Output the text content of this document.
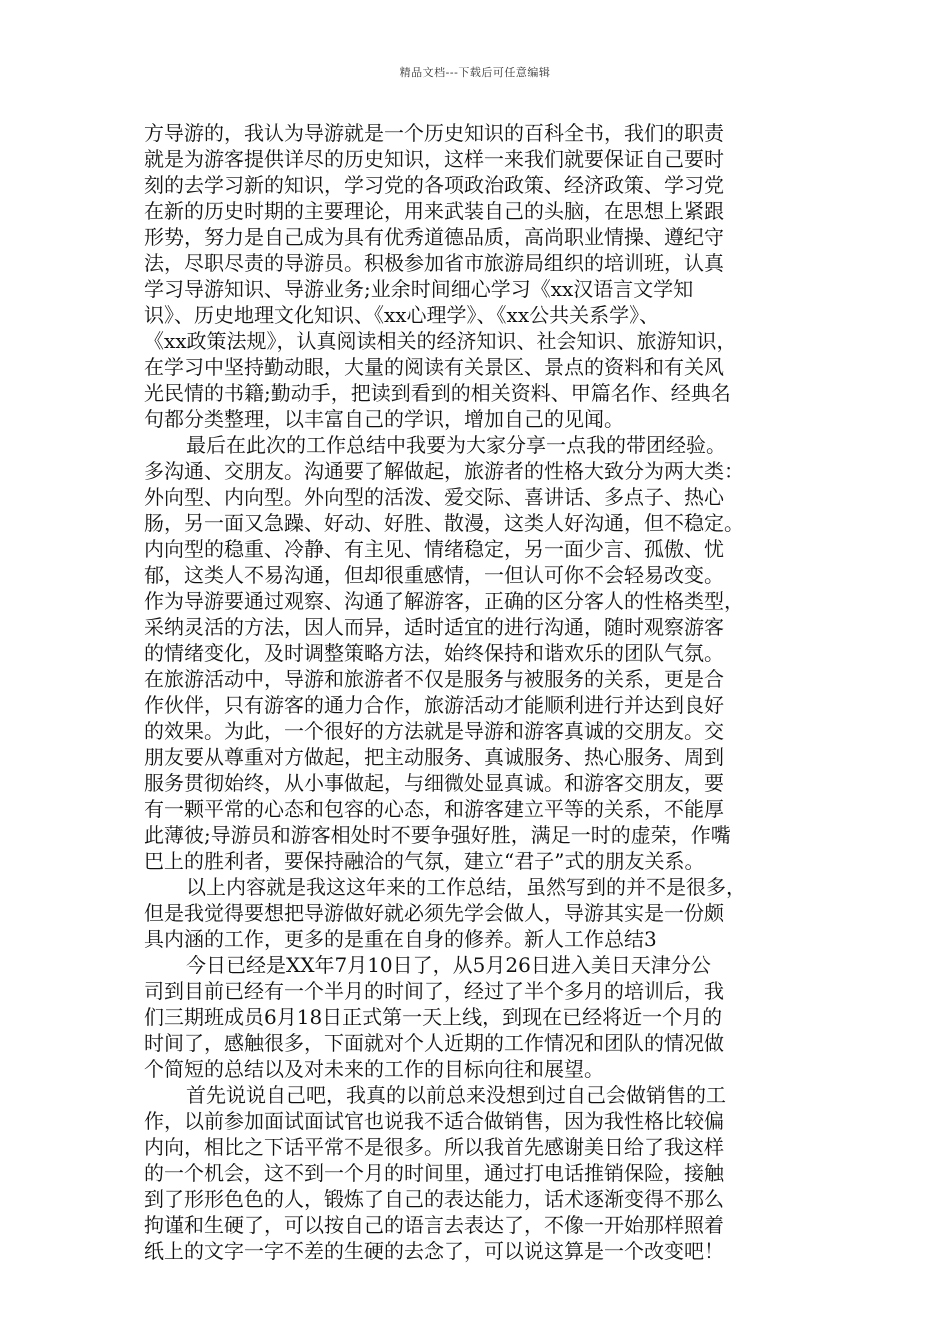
精品文档---下载后可任意编辑
方导游的，我认为导游就是一个历史知识的百科全书，我们的职责
就是为游客提供详尽的历史知识，这样一来我们就要保证自己要时
刻的去学习新的知识，学习党的各项政治政策、经济政策、学习党
在新的历史时期的主要理论，用来武装自己的头脑，在思想上紧跟
形势，努力是自己成为具有优秀道德品质，高尚职业情操、遵纪守
法，尽职尽责的导游员。积极参加省市旅游局组织的培训班，认真
学习导游知识、导游业务;业余时间细心学习《xx汉语言文学知
识》、历史地理文化知识、《xx心理学》、《xx公共关系学》、
《xx政策法规》，认真阅读相关的经济知识、社会知识、旅游知识，
在学习中坚持勤动眼，大量的阅读有关景区、景点的资料和有关风
光民情的书籍;勤动手，把读到看到的相关资料、甲篇名作、经典名
句都分类整理，以丰富自己的学识，增加自己的见闻。
最后在此次的工作总结中我要为大家分享一点我的带团经验。
多沟通、交朋友。沟通要了解做起，旅游者的性格大致分为两大类：
外向型、内向型。外向型的活泼、爱交际、喜讲话、多点子、热心
肠，另一面又急躁、好动、好胜、散漫，这类人好沟通，但不稳定。
内向型的稳重、冷静、有主见、情绪稳定，另一面少言、孤傲、忧
郁，这类人不易沟通，但却很重感情，一但认可你不会轻易改变。
作为导游要通过观察、沟通了解游客，正确的区分客人的性格类型，
采纳灵活的方法，因人而异，适时适宜的进行沟通，随时观察游客
的情绪变化，及时调整策略方法，始终保持和谐欢乐的团队气氛。
在旅游活动中，导游和旅游者不仅是服务与被服务的关系，更是合
作伙伴，只有游客的通力合作，旅游活动才能顺利进行并达到良好
的效果。为此，一个很好的方法就是导游和游客真诚的交朋友。交
朋友要从尊重对方做起，把主动服务、真诚服务、热心服务、周到
服务贯彻始终，从小事做起，与细微处显真诚。和游客交朋友，要
有一颗平常的心态和包容的心态，和游客建立平等的关系，不能厚
此薄彼;导游员和游客相处时不要争强好胜，满足一时的虚荣，作嘴
巴上的胜利者，要保持融洽的气氛，建立“君子”式的朋友关系。
以上内容就是我这这年来的工作总结，虽然写到的并不是很多，
但是我觉得要想把导游做好就必须先学会做人，导游其实是一份颇
具内涵的工作，更多的是重在自身的修养。新人工作总结3
今日已经是XX年7月10日了，从5月26日进入美日天津分公
司到目前已经有一个半月的时间了，经过了半个多月的培训后，我
们三期班成员6月18日正式第一天上线，到现在已经将近一个月的
时间了，感触很多，下面就对个人近期的工作情况和团队的情况做
个简短的总结以及对未来的工作的目标向往和展望。
首先说说自己吧，我真的以前总来没想到过自己会做销售的工
作，以前参加面试面试官也说我不适合做销售，因为我性格比较偏
内向，相比之下话平常不是很多。所以我首先感谢美日给了我这样
的一个机会，这不到一个月的时间里，通过打电话推销保险，接触
到了形形色色的人，锻炼了自己的表达能力，话术逐渐变得不那么
拘谨和生硬了，可以按自己的语言去表达了，不像一开始那样照着
纸上的文字一字不差的生硬的去念了，可以说这算是一个改变吧！
